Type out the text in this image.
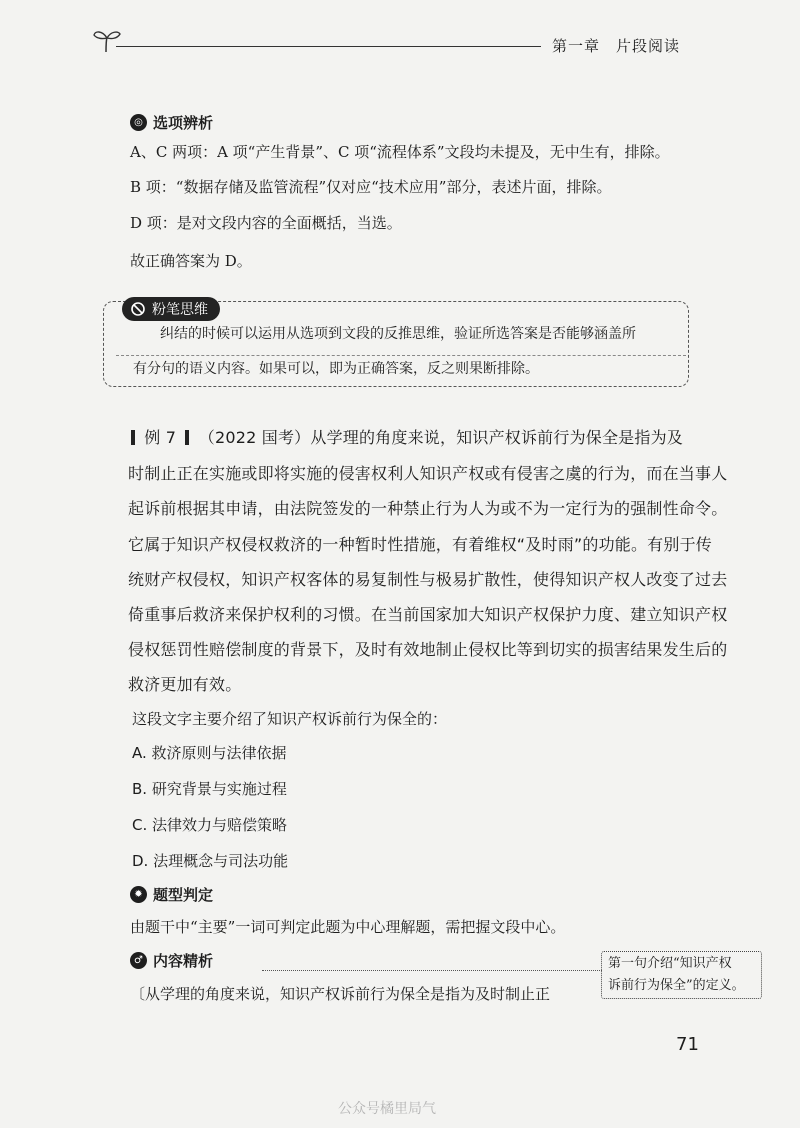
第一章　片段阅读
◎ 选项辨析
A、C 两项：A 项“产生背景”、C 项“流程体系”文段均未提及，无中生有，排除。
B 项：“数据存储及监管流程”仅对应“技术应用”部分，表述片面，排除。
D 项：是对文段内容的全面概括，当选。
故正确答案为 D。
粉笔思维
纠结的时候可以运用从选项到文段的反推思维，验证所选答案是否能够涵盖所
有分句的语义内容。如果可以，即为正确答案，反之则果断排除。
例 7 （2022 国考）从学理的角度来说，知识产权诉前行为保全是指为及
时制止正在实施或即将实施的侵害权利人知识产权或有侵害之虞的行为，而在当事人
起诉前根据其申请，由法院签发的一种禁止行为人为或不为一定行为的强制性命令。
它属于知识产权侵权救济的一种暂时性措施，有着维权“及时雨”的功能。有别于传
统财产权侵权，知识产权客体的易复制性与极易扩散性，使得知识产权人改变了过去
倚重事后救济来保护权利的习惯。在当前国家加大知识产权保护力度、建立知识产权
侵权惩罚性赔偿制度的背景下，及时有效地制止侵权比等到切实的损害结果发生后的
救济更加有效。
这段文字主要介绍了知识产权诉前行为保全的：
A. 救济原则与法律依据
B. 研究背景与实施过程
C. 法律效力与赔偿策略
D. 法理概念与司法功能
✹ 题型判定
由题干中“主要”一词可判定此题为中心理解题，需把握文段中心。
♂ 内容精析
〔从学理的角度来说，知识产权诉前行为保全是指为及时制止正
第一句介绍“知识产权
诉前行为保全”的定义。
71
公众号橘里局气
